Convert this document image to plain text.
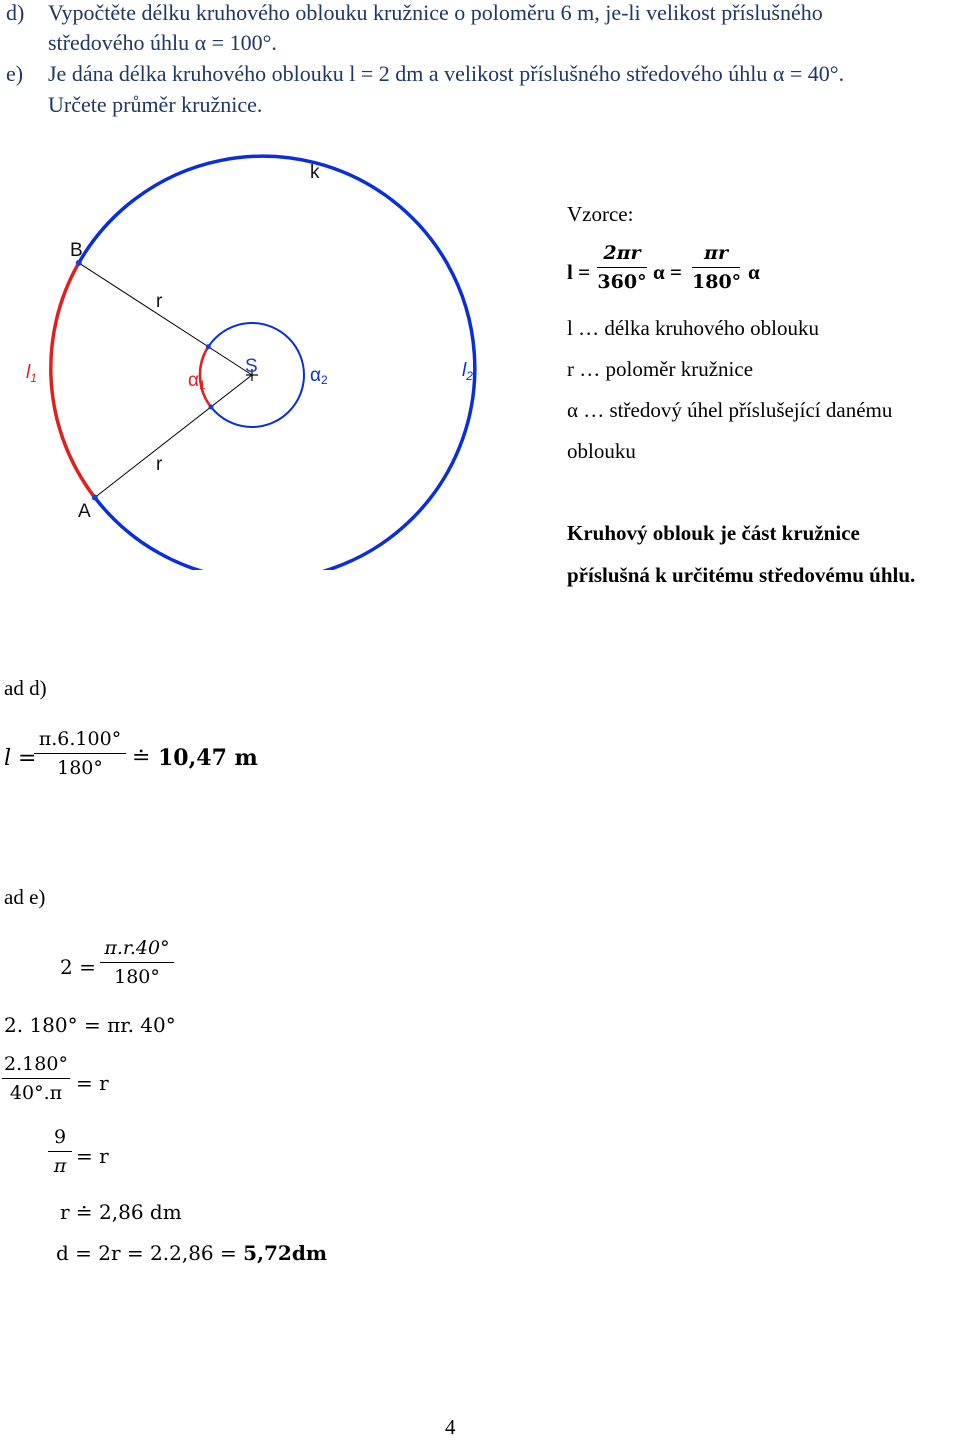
d) Vypočtěte délku kruhového oblouku kružnice o poloměru 6 m, je-li velikost příslušného
středového úhlu α = 100°.
e) Je dána délka kruhového oblouku l = 2 dm a velikost příslušného středového úhlu α = 40°.
Určete průměr kružnice.
k
B
A
S
r
r
$l_1$	$l_2$
α1	α2
Vzorce:
l =
2πr
360° α =
πr
180° α
l … délka kruhového oblouku
r … poloměr kružnice
α … středový úhel příslušející danému
oblouku
Kruhový oblouk je část kružnice
příslušná k určitému středovému úhlu.
ad d)
l =
π.6.100°
180°	≐ 10,47 m
ad e)
2 =
π.r.40°
180°
2. 180° = πr. 40°
2.180°
40°.π = r
9
π = r
r ≐ 2,86 dm
d = 2r = 2.2,86 = 5,72dm
4
